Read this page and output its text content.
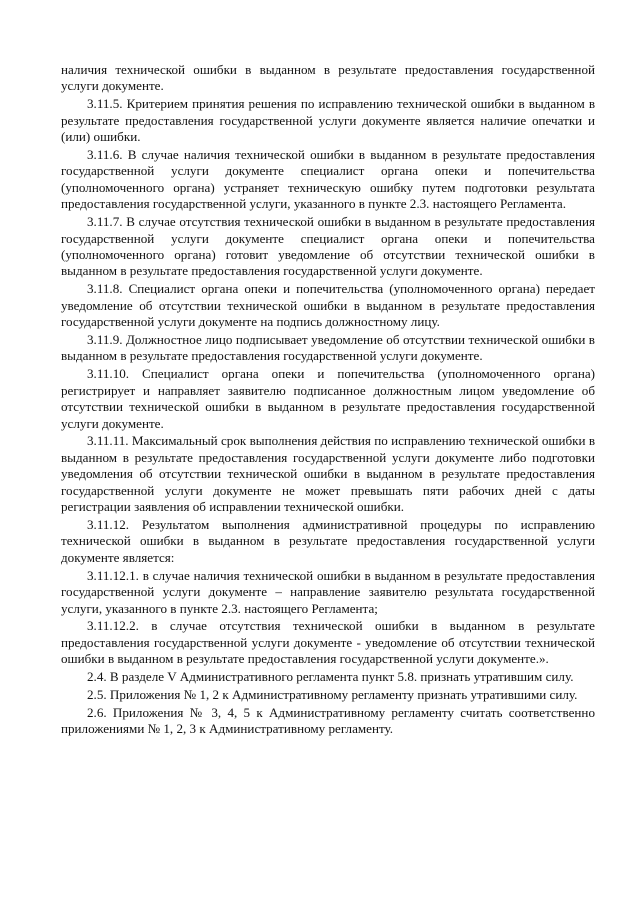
наличия технической ошибки в выданном в результате предоставления государственной услуги документе.

3.11.5. Критерием принятия решения по исправлению технической ошибки в выданном в результате предоставления государственной услуги документе является наличие опечатки и (или) ошибки.

3.11.6. В случае наличия технической ошибки в выданном в результате предоставления государственной услуги документе специалист органа опеки и попечительства (уполномоченного органа) устраняет техническую ошибку путем подготовки результата предоставления государственной услуги, указанного в пункте 2.3. настоящего Регламента.

3.11.7. В случае отсутствия технической ошибки в выданном в результате предоставления государственной услуги документе специалист органа опеки и попечительства (уполномоченного органа) готовит уведомление об отсутствии технической ошибки в выданном в результате предоставления государственной услуги документе.

3.11.8. Специалист органа опеки и попечительства (уполномоченного органа) передает уведомление об отсутствии технической ошибки в выданном в результате предоставления государственной услуги документе на подпись должностному лицу.

3.11.9. Должностное лицо подписывает уведомление об отсутствии технической ошибки в выданном в результате предоставления государственной услуги документе.

3.11.10. Специалист органа опеки и попечительства (уполномоченного органа) регистрирует и направляет заявителю подписанное должностным лицом уведомление об отсутствии технической ошибки в выданном в результате предоставления государственной услуги документе.

3.11.11. Максимальный срок выполнения действия по исправлению технической ошибки в выданном в результате предоставления государственной услуги документе либо подготовки уведомления об отсутствии технической ошибки в выданном в результате предоставления государственной услуги документе не может превышать пяти рабочих дней с даты регистрации заявления об исправлении технической ошибки.

3.11.12. Результатом выполнения административной процедуры по исправлению технической ошибки в выданном в результате предоставления государственной услуги документе является:

3.11.12.1. в случае наличия технической ошибки в выданном в результате предоставления государственной услуги документе – направление заявителю результата государственной услуги, указанного в пункте 2.3. настоящего Регламента;

3.11.12.2. в случае отсутствия технической ошибки в выданном в результате предоставления государственной услуги документе - уведомление об отсутствии технической ошибки в выданном в результате предоставления государственной услуги документе.».

2.4. В разделе V Административного регламента пункт 5.8. признать утратившим силу.

2.5. Приложения № 1, 2 к Административному регламенту признать утратившими силу.

2.6. Приложения № 3, 4, 5 к Административному регламенту считать соответственно приложениями № 1, 2, 3 к Административному регламенту.
